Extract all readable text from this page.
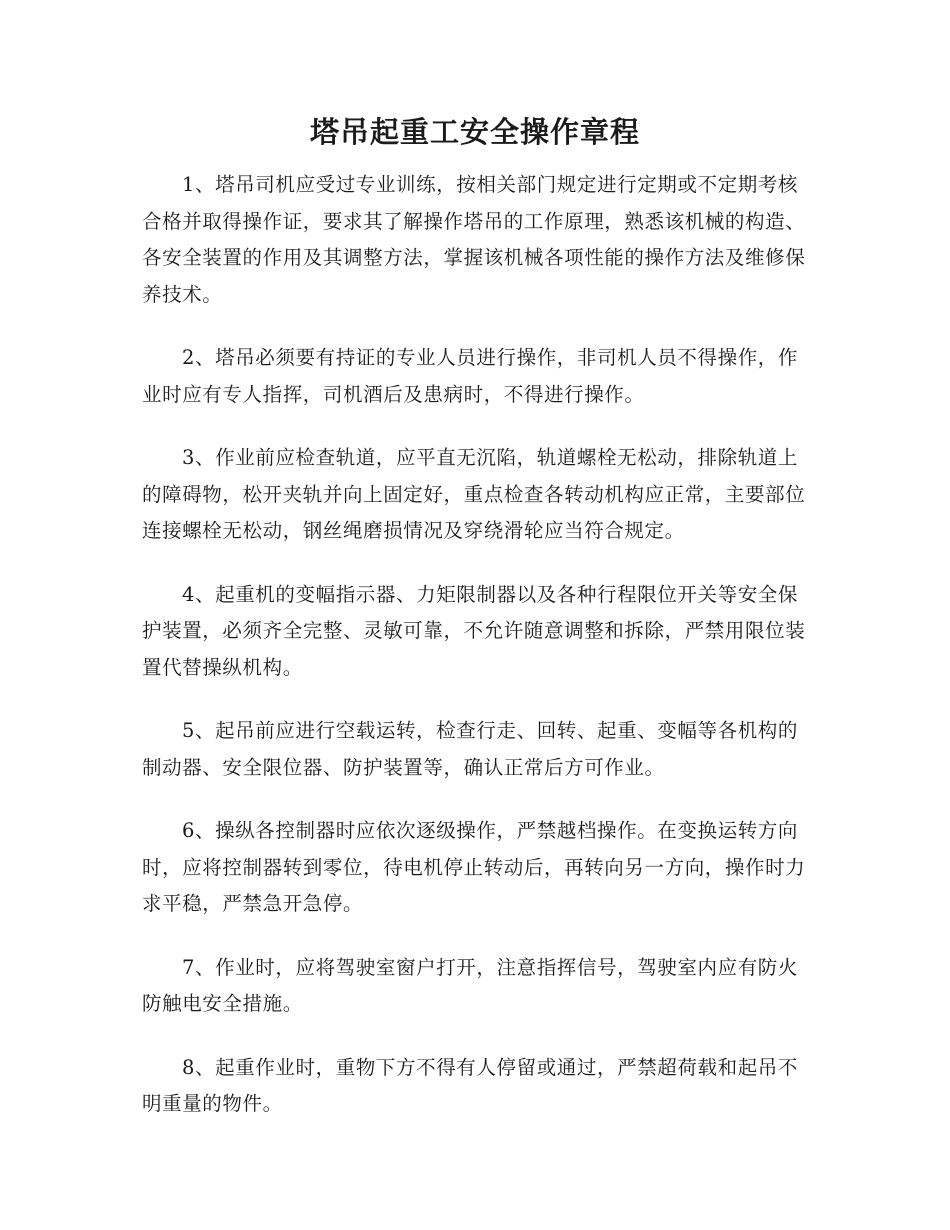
塔吊起重工安全操作章程

1、塔吊司机应受过专业训练，按相关部门规定进行定期或不定期考核合格并取得操作证，要求其了解操作塔吊的工作原理，熟悉该机械的构造、各安全装置的作用及其调整方法，掌握该机械各项性能的操作方法及维修保养技术。

2、塔吊必须要有持证的专业人员进行操作，非司机人员不得操作，作业时应有专人指挥，司机酒后及患病时，不得进行操作。

3、作业前应检查轨道，应平直无沉陷，轨道螺栓无松动，排除轨道上的障碍物，松开夹轨并向上固定好，重点检查各转动机构应正常，主要部位连接螺栓无松动，钢丝绳磨损情况及穿绕滑轮应当符合规定。

4、起重机的变幅指示器、力矩限制器以及各种行程限位开关等安全保护装置，必须齐全完整、灵敏可靠，不允许随意调整和拆除，严禁用限位装置代替操纵机构。

5、起吊前应进行空载运转，检查行走、回转、起重、变幅等各机构的制动器、安全限位器、防护装置等，确认正常后方可作业。

6、操纵各控制器时应依次逐级操作，严禁越档操作。在变换运转方向时，应将控制器转到零位，待电机停止转动后，再转向另一方向，操作时力求平稳，严禁急开急停。

7、作业时，应将驾驶室窗户打开，注意指挥信号，驾驶室内应有防火防触电安全措施。

8、起重作业时，重物下方不得有人停留或通过，严禁超荷载和起吊不明重量的物件。
